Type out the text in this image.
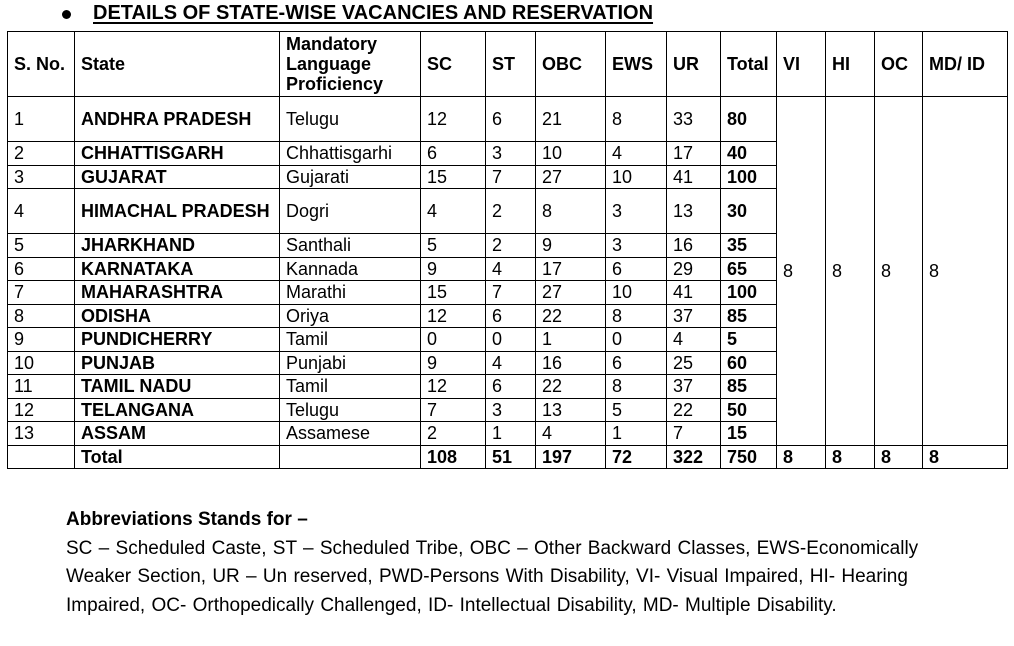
DETAILS OF STATE-WISE VACANCIES AND RESERVATION
S. No.	State	Mandatory Language Proficiency	SC	ST	OBC	EWS	UR	Total	VI	HI	OC	MD/ ID
1	ANDHRA PRADESH	Telugu	12	6	21	8	33	80	8	8	8	8
2	CHHATTISGARH	Chhattisgarhi	6	3	10	4	17	40				
3	GUJARAT	Gujarati	15	7	27	10	41	100				
4	HIMACHAL PRADESH	Dogri	4	2	8	3	13	30				
5	JHARKHAND	Santhali	5	2	9	3	16	35				
6	KARNATAKA	Kannada	9	4	17	6	29	65				
7	MAHARASHTRA	Marathi	15	7	27	10	41	100				
8	ODISHA	Oriya	12	6	22	8	37	85				
9	PUNDICHERRY	Tamil	0	0	1	0	4	5				
10	PUNJAB	Punjabi	9	4	16	6	25	60				
11	TAMIL NADU	Tamil	12	6	22	8	37	85				
12	TELANGANA	Telugu	7	3	13	5	22	50				
13	ASSAM	Assamese	2	1	4	1	7	15				
	Total		108	51	197	72	322	750	8	8	8	8
Abbreviations Stands for –
SC – Scheduled Caste, ST – Scheduled Tribe, OBC – Other Backward Classes, EWS-Economically Weaker Section, UR – Un reserved, PWD-Persons With Disability, VI- Visual Impaired, HI- Hearing Impaired, OC- Orthopedically Challenged, ID- Intellectual Disability, MD- Multiple Disability.
